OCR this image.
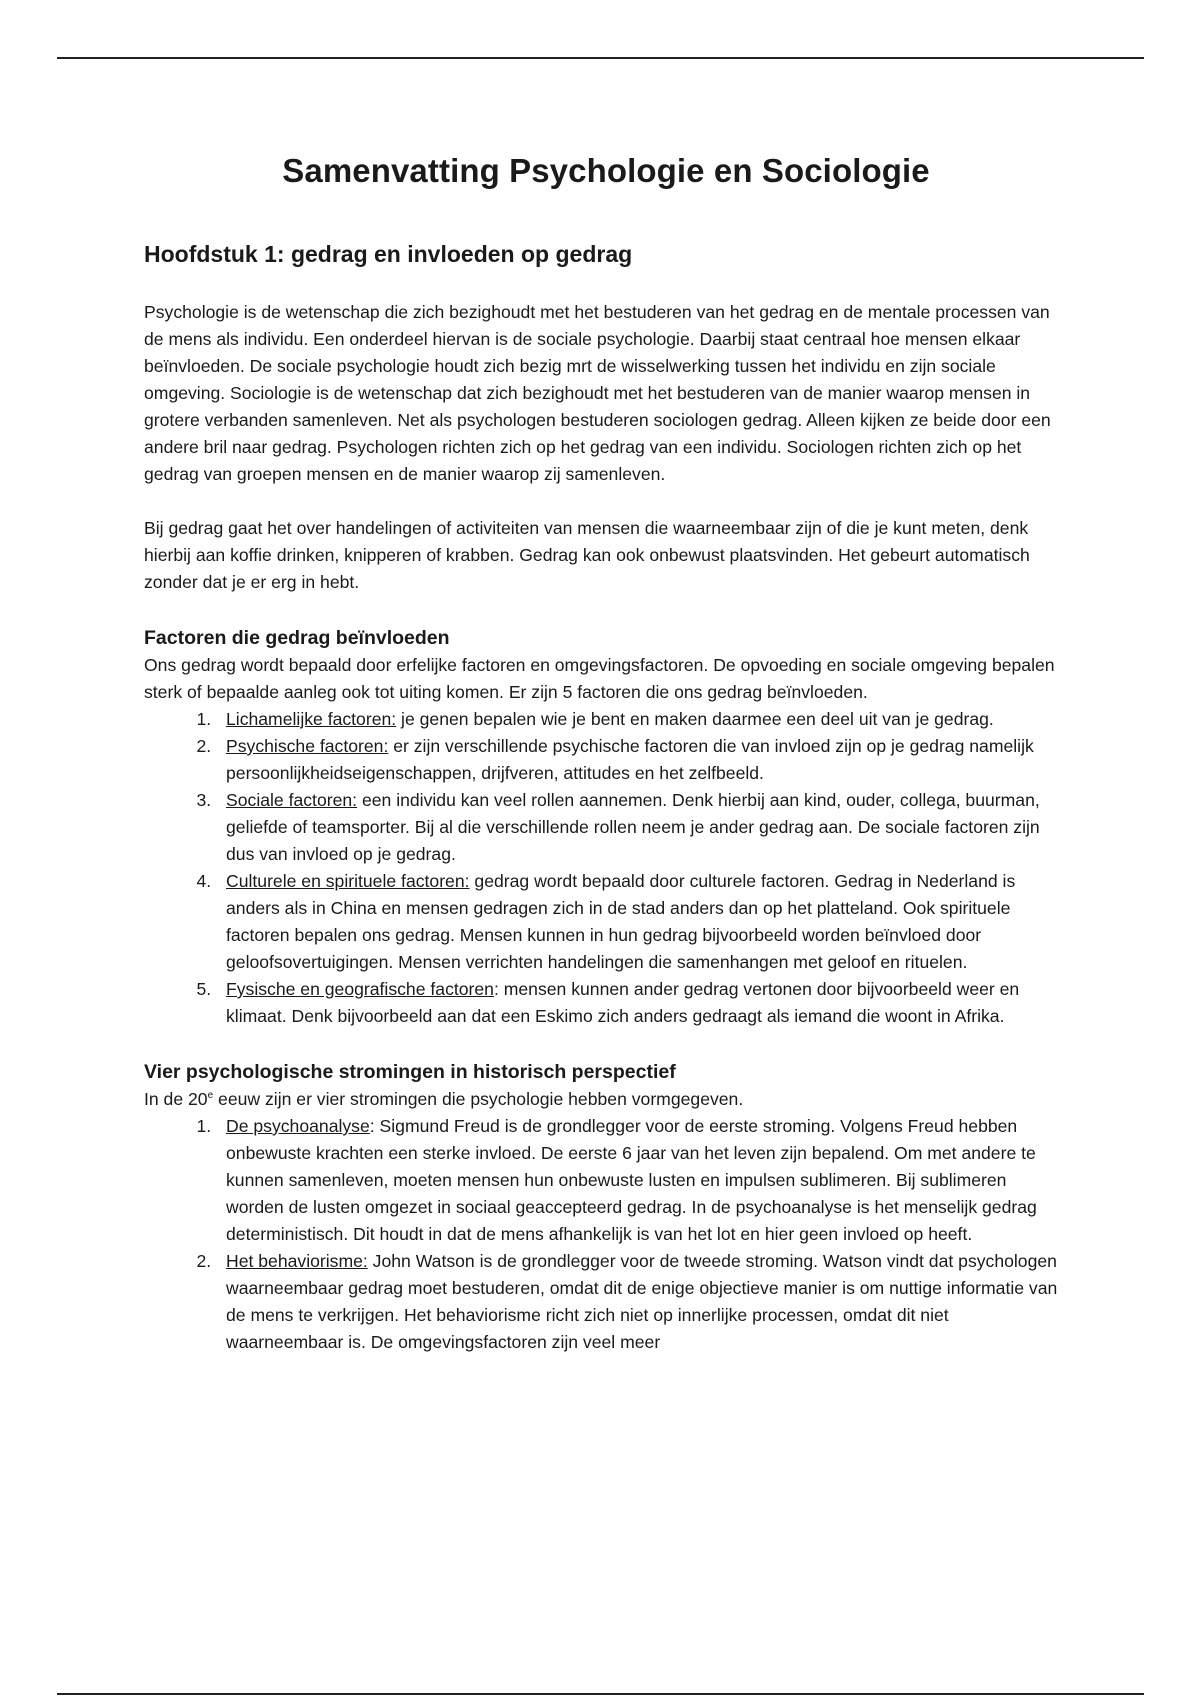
Samenvatting Psychologie en Sociologie
Hoofdstuk 1: gedrag en invloeden op gedrag

Psychologie is de wetenschap die zich bezighoudt met het bestuderen van het gedrag en de mentale processen van de mens als individu. Een onderdeel hiervan is de sociale psychologie. Daarbij staat centraal hoe mensen elkaar beïnvloeden. De sociale psychologie houdt zich bezig mrt de wisselwerking tussen het individu en zijn sociale omgeving. Sociologie is de wetenschap dat zich bezighoudt met het bestuderen van de manier waarop mensen in grotere verbanden samenleven. Net als psychologen bestuderen sociologen gedrag. Alleen kijken ze beide door een andere bril naar gedrag. Psychologen richten zich op het gedrag van een individu. Sociologen richten zich op het gedrag van groepen mensen en de manier waarop zij samenleven.

Bij gedrag gaat het over handelingen of activiteiten van mensen die waarneembaar zijn of die je kunt meten, denk hierbij aan koffie drinken, knipperen of krabben. Gedrag kan ook onbewust plaatsvinden. Het gebeurt automatisch zonder dat je er erg in hebt.

Factoren die gedrag beïnvloeden

Ons gedrag wordt bepaald door erfelijke factoren en omgevingsfactoren. De opvoeding en sociale omgeving bepalen sterk of bepaalde aanleg ook tot uiting komen. Er zijn 5 factoren die ons gedrag beïnvloeden.

1. Lichamelijke factoren: je genen bepalen wie je bent en maken daarmee een deel uit van je gedrag.
2. Psychische factoren: er zijn verschillende psychische factoren die van invloed zijn op je gedrag namelijk persoonlijkheidseigenschappen, drijfveren, attitudes en het zelfbeeld.
3. Sociale factoren: een individu kan veel rollen aannemen. Denk hierbij aan kind, ouder, collega, buurman, geliefde of teamsporter. Bij al die verschillende rollen neem je ander gedrag aan. De sociale factoren zijn dus van invloed op je gedrag.
4. Culturele en spirituele factoren: gedrag wordt bepaald door culturele factoren. Gedrag in Nederland is anders als in China en mensen gedragen zich in de stad anders dan op het platteland. Ook spirituele factoren bepalen ons gedrag. Mensen kunnen in hun gedrag bijvoorbeeld worden beïnvloed door geloofsovertuigingen. Mensen verrichten handelingen die samenhangen met geloof en rituelen.
5. Fysische en geografische factoren: mensen kunnen ander gedrag vertonen door bijvoorbeeld weer en klimaat. Denk bijvoorbeeld aan dat een Eskimo zich anders gedraagt als iemand die woont in Afrika.
Vier psychologische stromingen in historisch perspectief

In de 20e eeuw zijn er vier stromingen die psychologie hebben vormgegeven.

1. De psychoanalyse: Sigmund Freud is de grondlegger voor de eerste stroming. Volgens Freud hebben onbewuste krachten een sterke invloed. De eerste 6 jaar van het leven zijn bepalend. Om met andere te kunnen samenleven, moeten mensen hun onbewuste lusten en impulsen sublimeren. Bij sublimeren worden de lusten omgezet in sociaal geaccepteerd gedrag. In de psychoanalyse is het menselijk gedrag deterministisch. Dit houdt in dat de mens afhankelijk is van het lot en hier geen invloed op heeft.
2. Het behaviorisme: John Watson is de grondlegger voor de tweede stroming. Watson vindt dat psychologen waarneembaar gedrag moet bestuderen, omdat dit de enige objectieve manier is om nuttige informatie van de mens te verkrijgen. Het behaviorisme richt zich niet op innerlijke processen, omdat dit niet waarneembaar is. De omgevingsfactoren zijn veel meer
